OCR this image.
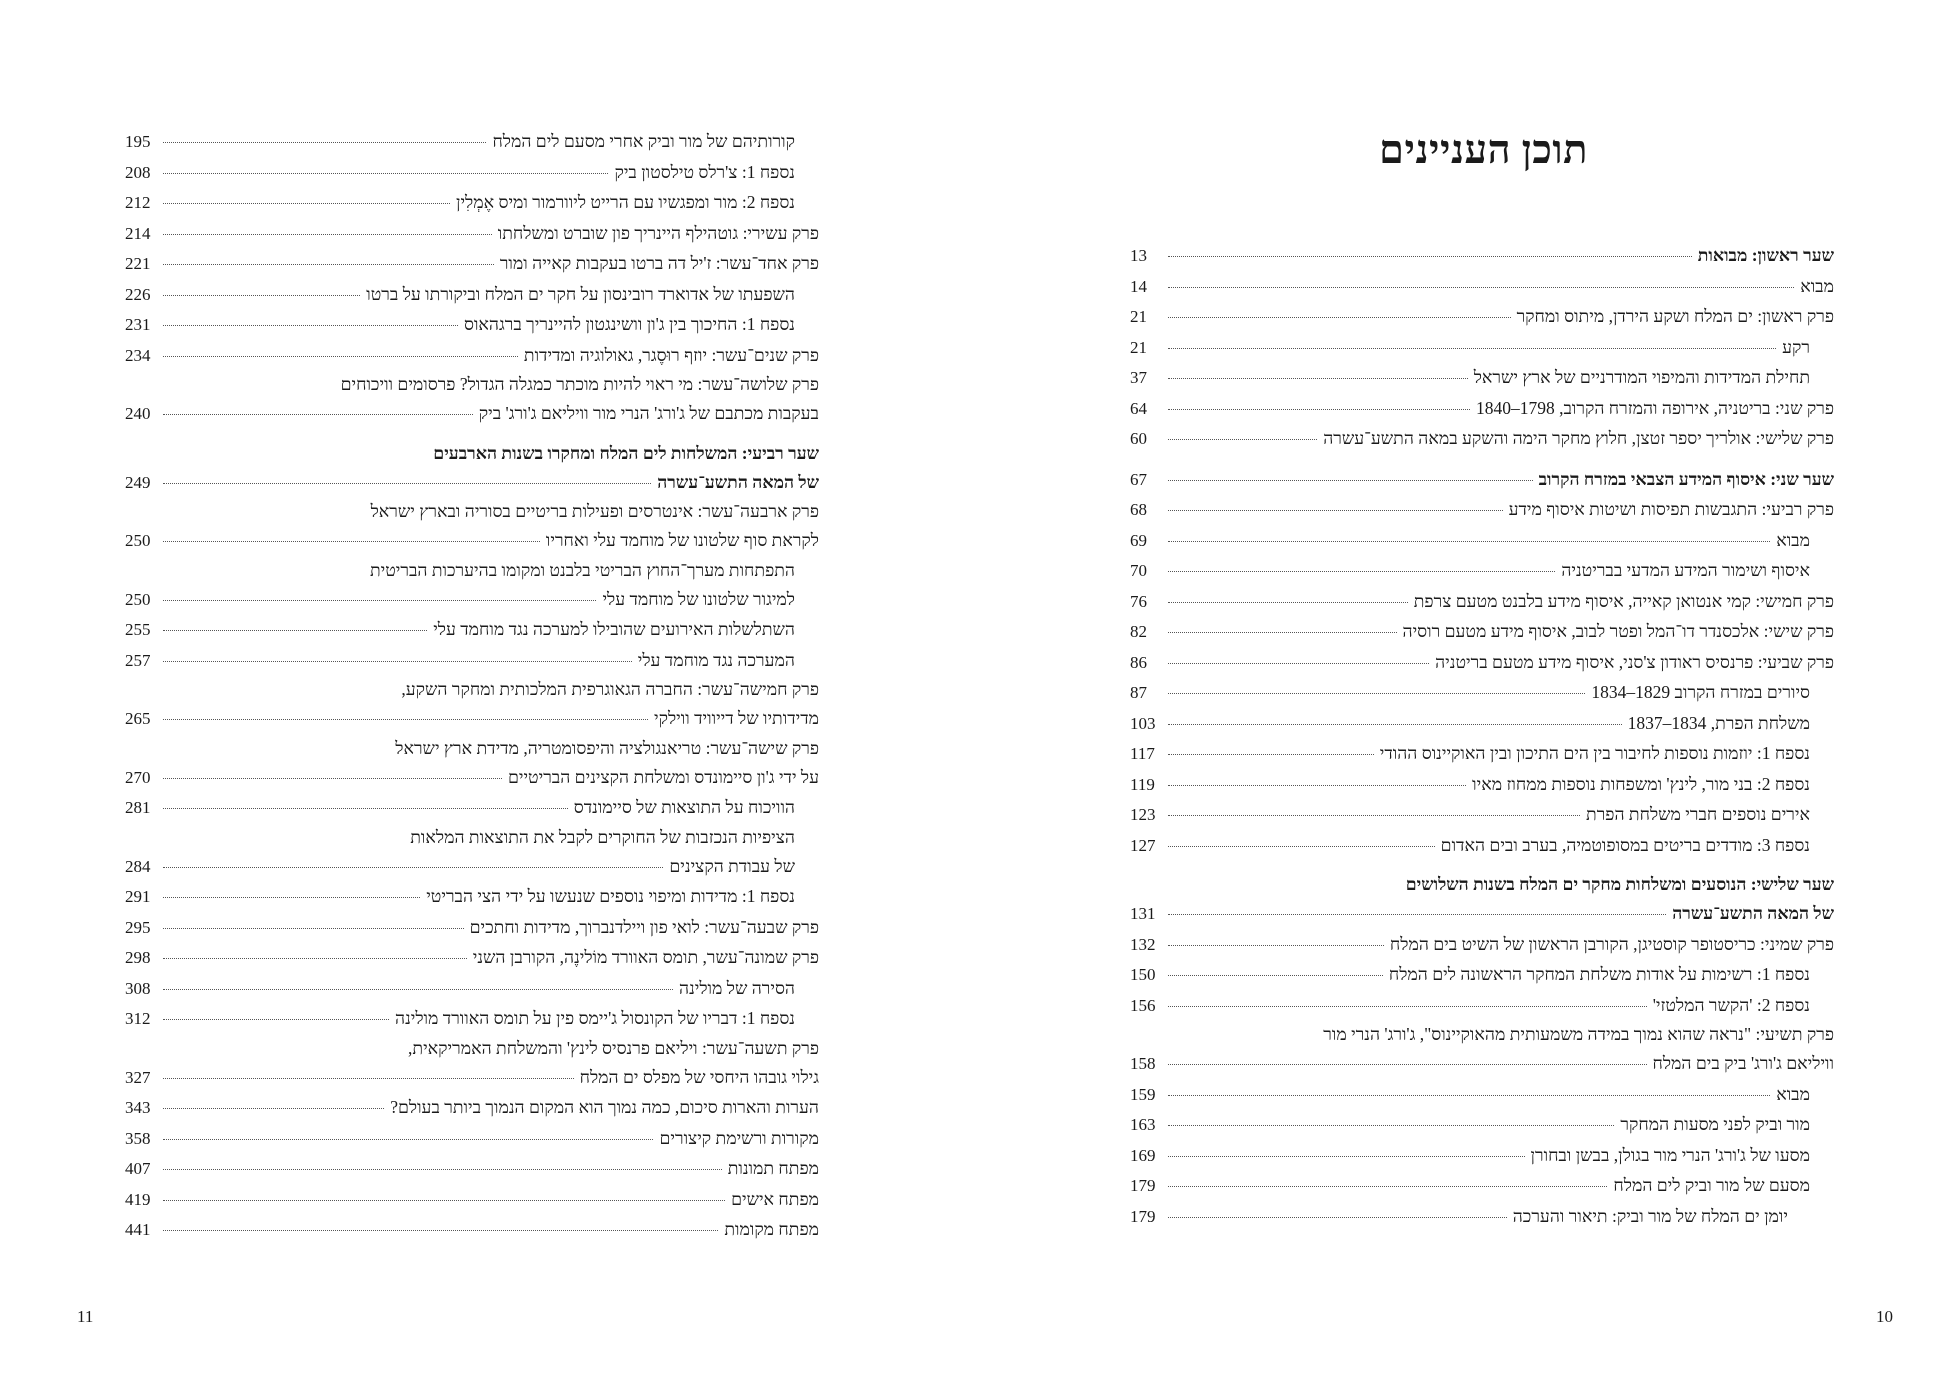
תוכן העניינים
שער ראשון: מבואות
13
מבוא
14
פרק ראשון: ים המלח ושקע הירדן, מיתוס ומחקר
21
רקע
21
תחילת המדידות והמיפוי המודרניים של ארץ ישראל
37
פרק שני: בריטניה, אירופה והמזרח הקרוב, 1798–1840
64
פרק שלישי: אולריך יספר זטצן, חלוץ מחקר הימה והשקע במאה התשע־עשרה
60
שער שני: איסוף המידע הצבאי במזרח הקרוב
67
פרק רביעי: התגבשות תפיסות ושיטות איסוף מידע
68
מבוא
69
איסוף ושימור המידע המדעי בבריטניה
70
פרק חמישי: קמי אנטואן קאייה, איסוף מידע בלבנט מטעם צרפת
76
פרק שישי: אלכסנדר דו־המל ופטר לבוב, איסוף מידע מטעם רוסיה
82
פרק שביעי: פרנסיס ראודון צ'סני, איסוף מידע מטעם בריטניה
86
סיורים במזרח הקרוב 1829–1834
87
משלחת הפרת, 1834–1837
103
נספח 1: יוזמות נוספות לחיבור בין הים התיכון ובין האוקיינוס ההודי
117
נספח 2: בני מור, לינץ' ומשפחות נוספות ממחוז מאיו
119
אירים נוספים חברי משלחת הפרת
123
נספח 3: מודדים בריטים במסופוטמיה, בערב ובים האדום
127
שער שלישי: הנוסעים ומשלחות מחקר ים המלח בשנות השלושים
של המאה התשע־עשרה
131
פרק שמיני: כריסטופר קוסטיגן, הקורבן הראשון של השיט בים המלח
132
נספח 1: רשימות על אודות משלחת המחקר הראשונה לים המלח
150
נספח 2: 'הקשר המלטזי'
156
פרק תשיעי: "נראה שהוא נמוך במידה משמעותית מהאוקיינוס", ג'ורג' הנרי מור
וויליאם ג'ורג' ביק בים המלח
158
מבוא
159
מור וביק לפני מסעות המחקר
163
מסעו של ג'ורג' הנרי מור בגולן, בבשן ובחורן
169
מסעם של מור וביק לים המלח
179
יומן ים המלח של מור וביק: תיאור והערכה
179
קורותיהם של מור וביק אחרי מסעם לים המלח
195
נספח 1: צ'רלס טילסטון ביק
208
נספח 2: מור ומפגשיו עם הרייט ליוורמור ומיס אֶמְלִין
212
פרק עשירי: גוטהילף היינריך פון שוברט ומשלחתו
214
פרק אחד־עשר: ז'יל דה ברטו בעקבות קאייה ומור
221
השפעתו של אדוארד רובינסון על חקר ים המלח וביקורתו על ברטו
226
נספח 1: החיכוך בין ג'ון וושינגטון להיינריך ברגהאוס
231
פרק שנים־עשר: יוזף רוּסֶגר, גאולוגיה ומדידות
234
פרק שלושה־עשר: מי ראוי להיות מוכתר כמגלה הגדול? פרסומים וויכוחים
בעקבות מכתבם של ג'ורג' הנרי מור וויליאם ג'ורג' ביק
240
שער רביעי: המשלחות לים המלח ומחקרו בשנות הארבעים
של המאה התשע־עשרה
249
פרק ארבעה־עשר: אינטרסים ופעילות בריטיים בסוריה ובארץ ישראל
לקראת סוף שלטונו של מוחמד עלי ואחריו
250
התפתחות מערך־החוץ הבריטי בלבנט ומקומו בהיערכות הבריטית
למיגור שלטונו של מוחמד עלי
250
השתלשלות האירועים שהובילו למערכה נגד מוחמד עלי
255
המערכה נגד מוחמד עלי
257
פרק חמישה־עשר: החברה הגאוגרפית המלכותית ומחקר השקע,
מדידותיו של דייוויד ווילקי
265
פרק שישה־עשר: טריאנגולציה והיפסומטריה, מדידת ארץ ישראל
על ידי ג'ון סיימונדס ומשלחת הקצינים הבריטיים
270
הוויכוח על התוצאות של סיימונדס
281
הציפיות הנכזבות של החוקרים לקבל את התוצאות המלאות
של עבודת הקצינים
284
נספח 1: מדידות ומיפוי נוספים שנעשו על ידי הצי הבריטי
291
פרק שבעה־עשר: לואי פון ויילדנברוך, מדידות וחתכים
295
פרק שמונה־עשר, תומס האוורד מוֹלינֶה, הקורבן השני
298
הסירה של מולינה
308
נספח 1: דבריו של הקונסול ג'יימס פין על תומס האוורד מולינה
312
פרק תשעה־עשר: ויליאם פרנסיס לינץ' והמשלחת האמריקאית,
גילוי גובהו היחסי של מפלס ים המלח
327
הערות והארות סיכום, כמה נמוך הוא המקום הנמוך ביותר בעולם?
343
מקורות ורשימת קיצורים
358
מפתח תמונות
407
מפתח אישים
419
מפתח מקומות
441
11	10
